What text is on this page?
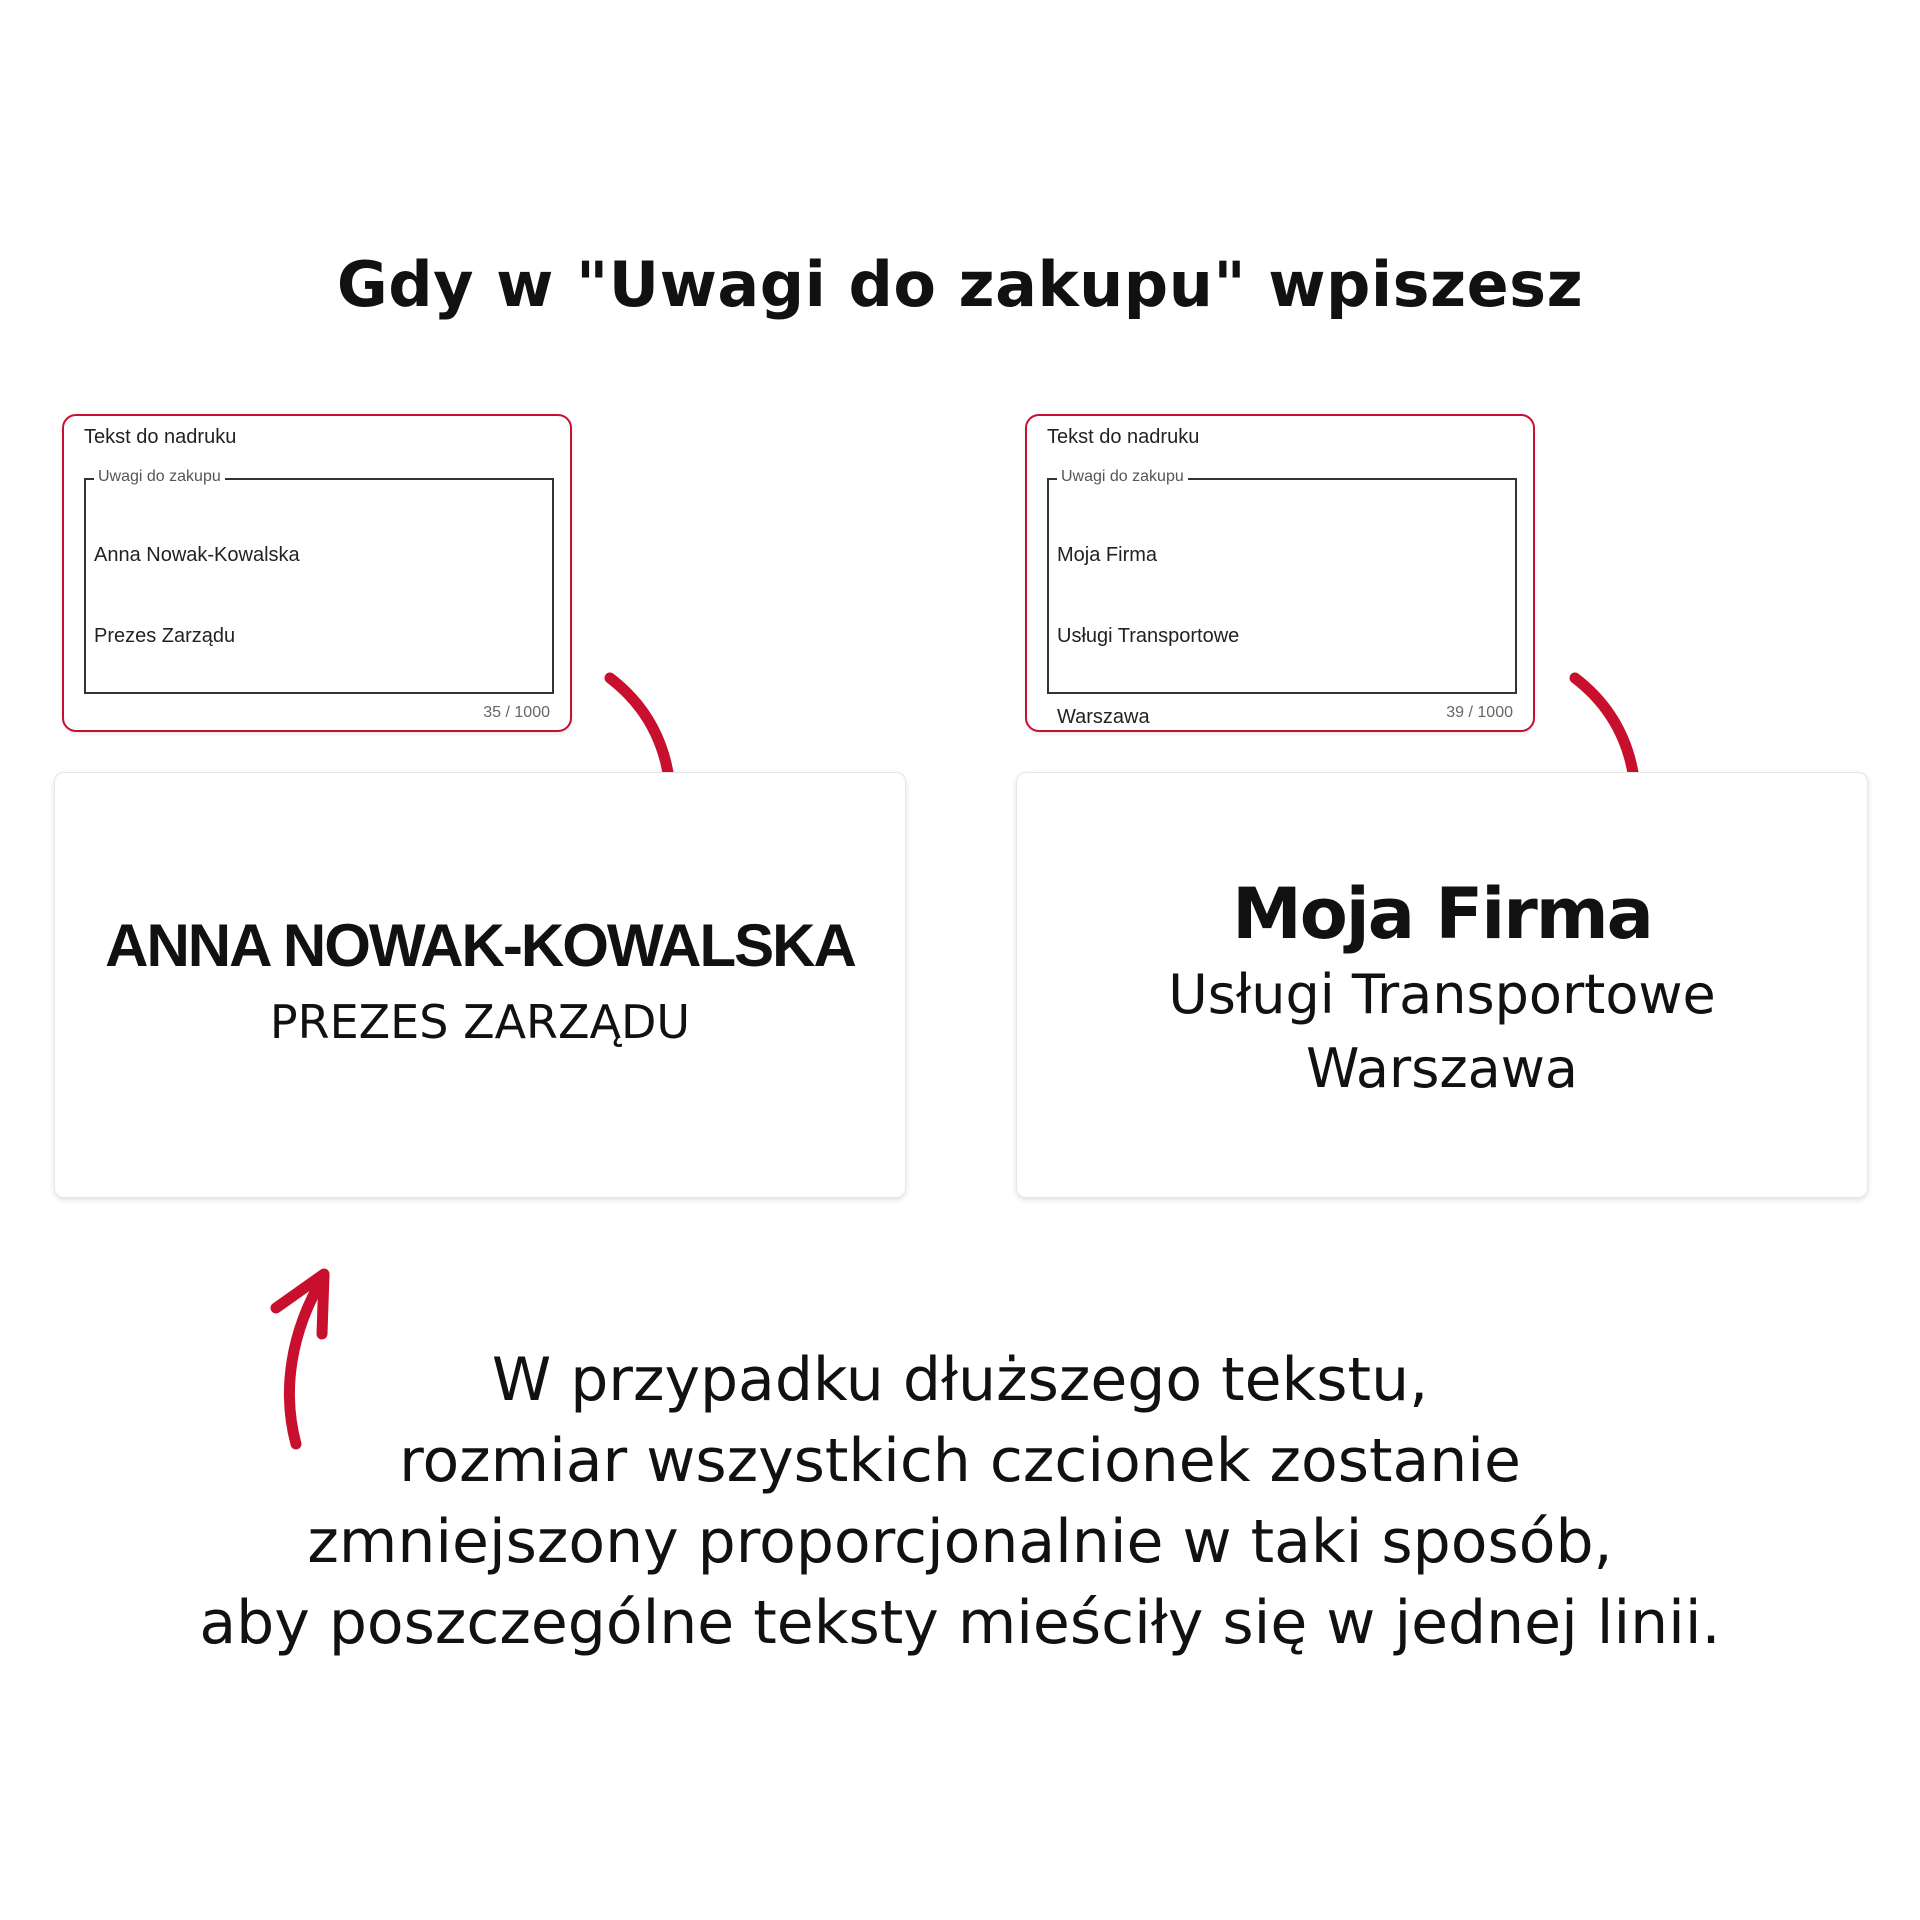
Gdy w "Uwagi do zakupu" wpiszesz
Tekst do nadruku
Uwagi do zakupu

Anna Nowak-Kowalska

Prezes Zarządu

35 / 1000
Tekst do nadruku
Uwagi do zakupu

Moja Firma

Usługi Transportowe

Warszawa

	39 / 1000
ANNA NOWAK-KOWALSKA
PREZES ZARZĄDU
Moja Firma
Usługi Transportowe
Warszawa
W przypadku dłuższego tekstu,
rozmiar wszystkich czcionek zostanie
zmniejszony proporcjonalnie w taki sposób,
aby poszczególne teksty mieściły się w jednej linii.
